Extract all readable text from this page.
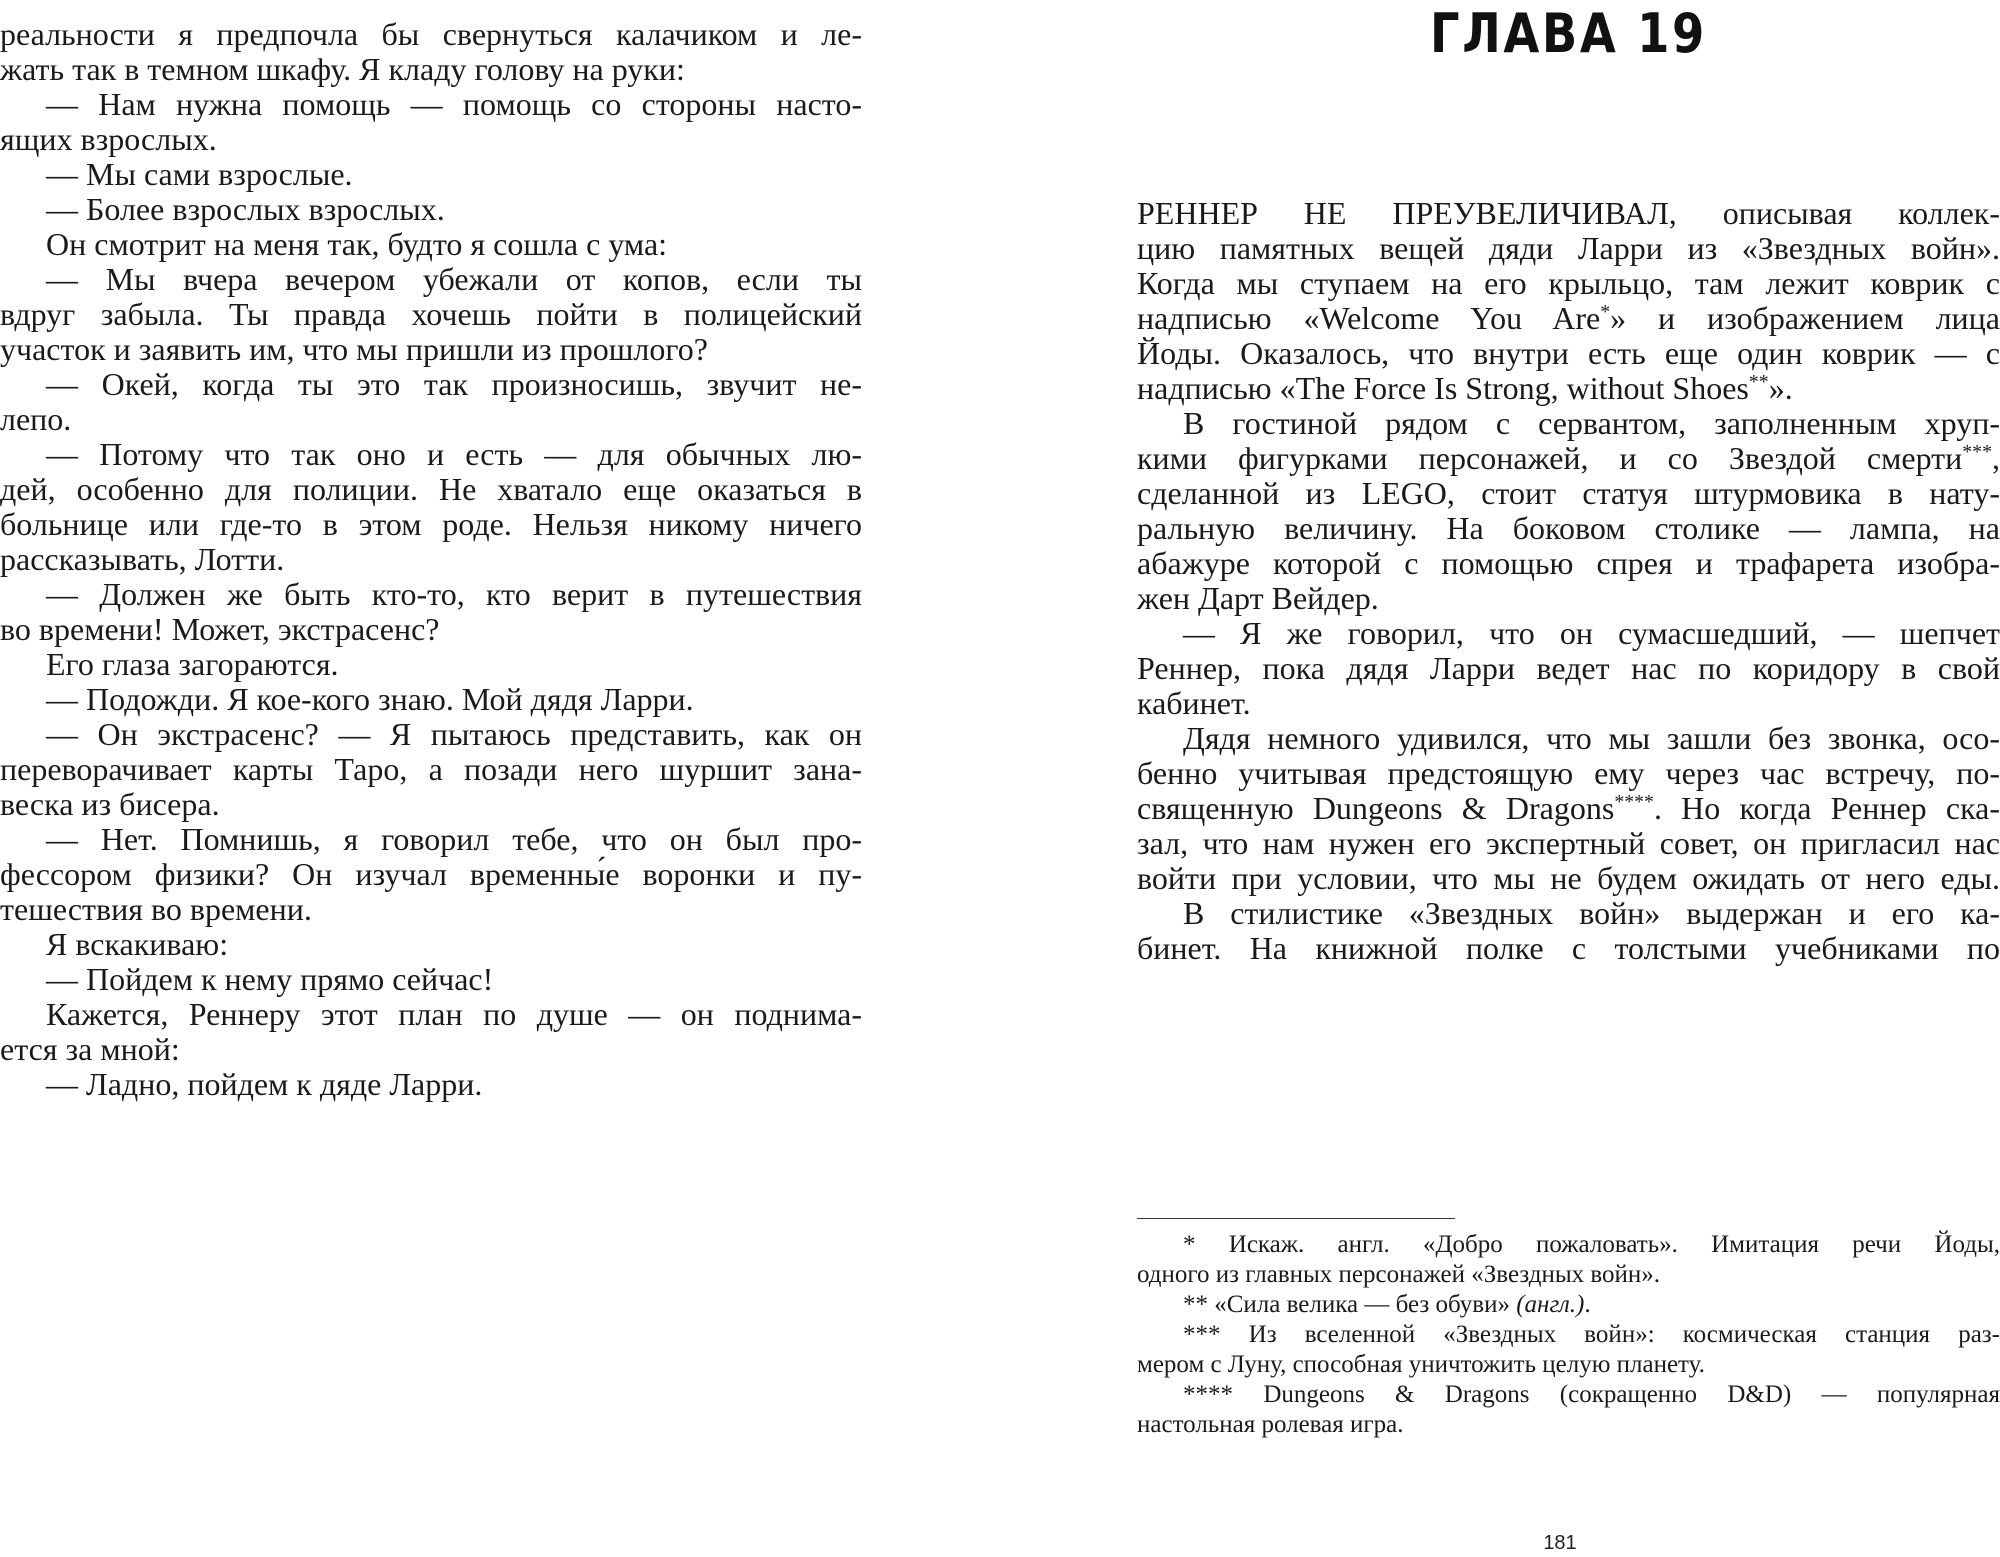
реальности я предпочла бы свернуться калачиком и ле-
жать так в темном шкафу. Я кладу голову на руки:
— Нам нужна помощь — помощь со стороны насто-
ящих взрослых.
— Мы сами взрослые.
— Более взрослых взрослых.
Он смотрит на меня так, будто я сошла с ума:
— Мы вчера вечером убежали от копов, если ты
вдруг забыла. Ты правда хочешь пойти в полицейский
участок и заявить им, что мы пришли из прошлого?
— Окей, когда ты это так произносишь, звучит не-
лепо.
— Потому что так оно и есть — для обычных лю-
дей, особенно для полиции. Не хватало еще оказаться в
больнице или где-то в этом роде. Нельзя никому ничего
рассказывать, Лотти.
— Должен же быть кто-то, кто верит в путешествия
во времени! Может, экстрасенс?
Его глаза загораются.
— Подожди. Я кое-кого знаю. Мой дядя Ларри.
— Он экстрасенс? — Я пытаюсь представить, как он
переворачивает карты Таро, а позади него шуршит зана-
веска из бисера.
— Нет. Помнишь, я говорил тебе, что он был про-
фессором физики? Он изучал временны́е воронки и пу-
тешествия во времени.
Я вскакиваю:
— Пойдем к нему прямо сейчас!
Кажется, Реннеру этот план по душе — он поднима-
ется за мной:
— Ладно, пойдем к дяде Ларри.
ГЛАВА 19
РЕННЕР НЕ ПРЕУВЕЛИЧИВАЛ, описывая коллек-
цию памятных вещей дяди Ларри из «Звездных войн».
Когда мы ступаем на его крыльцо, там лежит коврик с
надписью «Welcome You Are*» и изображением лица
Йоды. Оказалось, что внутри есть еще один коврик — с
надписью «The Force Is Strong, without Shoes**».
В гостиной рядом с сервантом, заполненным хруп-
кими фигурками персонажей, и со Звездой смерти***,
сделанной из LEGO, стоит статуя штурмовика в нату-
ральную величину. На боковом столике — лампа, на
абажуре которой с помощью спрея и трафарета изобра-
жен Дарт Вейдер.
— Я же говорил, что он сумасшедший, — шепчет
Реннер, пока дядя Ларри ведет нас по коридору в свой
кабинет.
Дядя немного удивился, что мы зашли без звонка, осо-
бенно учитывая предстоящую ему через час встречу, по-
священную Dungeons & Dragons****. Но когда Реннер ска-
зал, что нам нужен его экспертный совет, он пригласил нас
войти при условии, что мы не будем ожидать от него еды.
В стилистике «Звездных войн» выдержан и его ка-
бинет. На книжной полке с толстыми учебниками по
* Искаж. англ. «Добро пожаловать». Имитация речи Йоды,
одного из главных персонажей «Звездных войн».
** «Сила велика — без обуви» (англ.).
*** Из вселенной «Звездных войн»: космическая станция раз-
мером с Луну, способная уничтожить целую планету.
**** Dungeons & Dragons (сокращенно D&D) — популярная
настольная ролевая игра.
181
